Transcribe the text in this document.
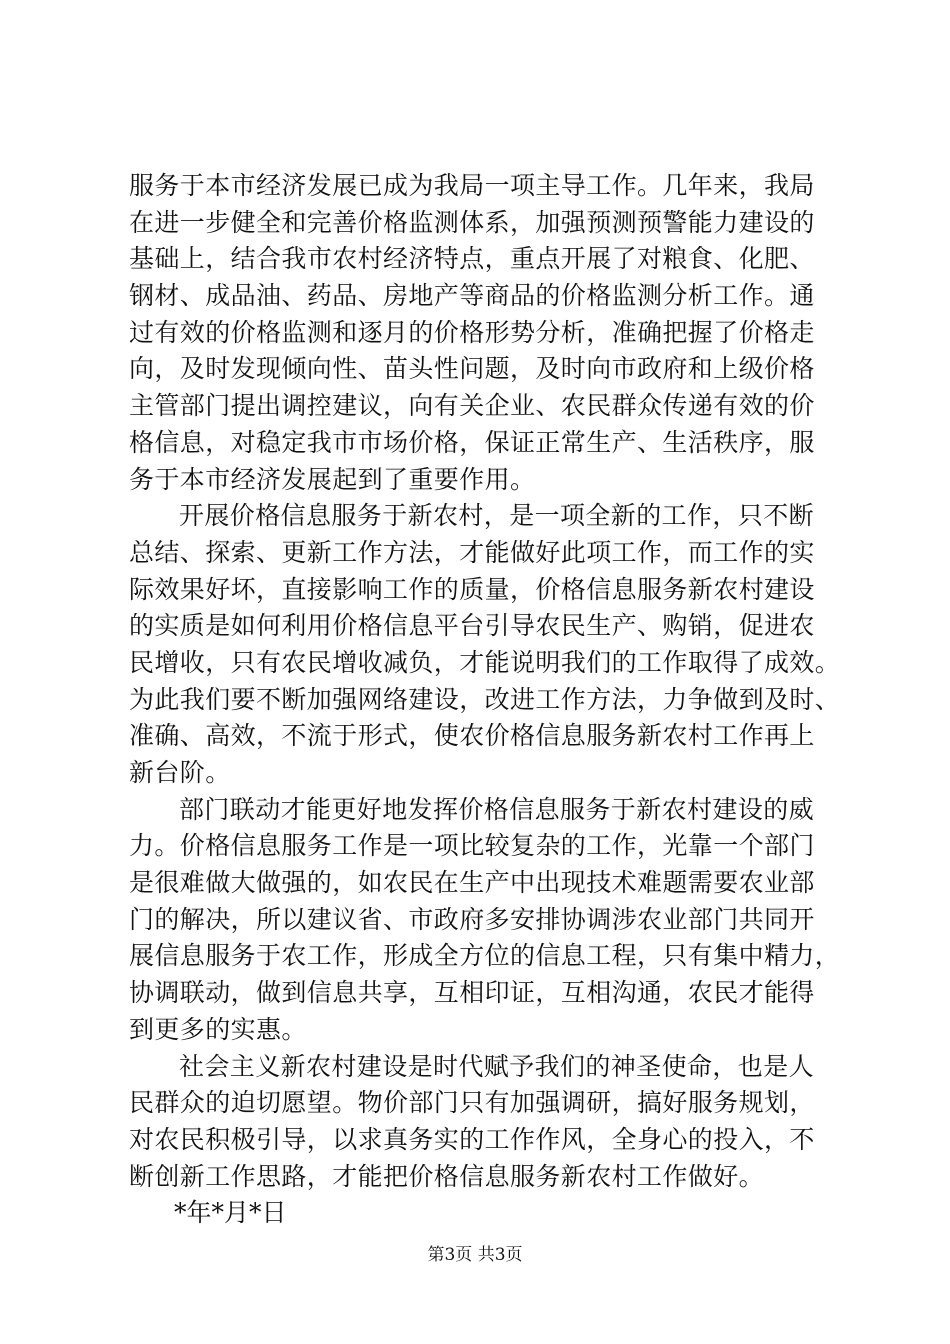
服务于本市经济发展已成为我局一项主导工作。几年来，我局
在进一步健全和完善价格监测体系，加强预测预警能力建设的
基础上，结合我市农村经济特点，重点开展了对粮食、化肥、
钢材、成品油、药品、房地产等商品的价格监测分析工作。通
过有效的价格监测和逐月的价格形势分析，准确把握了价格走
向，及时发现倾向性、苗头性问题，及时向市政府和上级价格
主管部门提出调控建议，向有关企业、农民群众传递有效的价
格信息，对稳定我市市场价格，保证正常生产、生活秩序，服
务于本市经济发展起到了重要作用。
开展价格信息服务于新农村，是一项全新的工作，只不断
总结、探索、更新工作方法，才能做好此项工作，而工作的实
际效果好坏，直接影响工作的质量，价格信息服务新农村建设
的实质是如何利用价格信息平台引导农民生产、购销，促进农
民增收，只有农民增收减负，才能说明我们的工作取得了成效。
为此我们要不断加强网络建设，改进工作方法，力争做到及时、
准确、高效，不流于形式，使农价格信息服务新农村工作再上
新台阶。
部门联动才能更好地发挥价格信息服务于新农村建设的威
力。价格信息服务工作是一项比较复杂的工作，光靠一个部门
是很难做大做强的，如农民在生产中出现技术难题需要农业部
门的解决，所以建议省、市政府多安排协调涉农业部门共同开
展信息服务于农工作，形成全方位的信息工程，只有集中精力，
协调联动，做到信息共享，互相印证，互相沟通，农民才能得
到更多的实惠。
社会主义新农村建设是时代赋予我们的神圣使命，也是人
民群众的迫切愿望。物价部门只有加强调研，搞好服务规划，
对农民积极引导，以求真务实的工作作风，全身心的投入，不
断创新工作思路，才能把价格信息服务新农村工作做好。
*年*月*日
第3页 共3页
